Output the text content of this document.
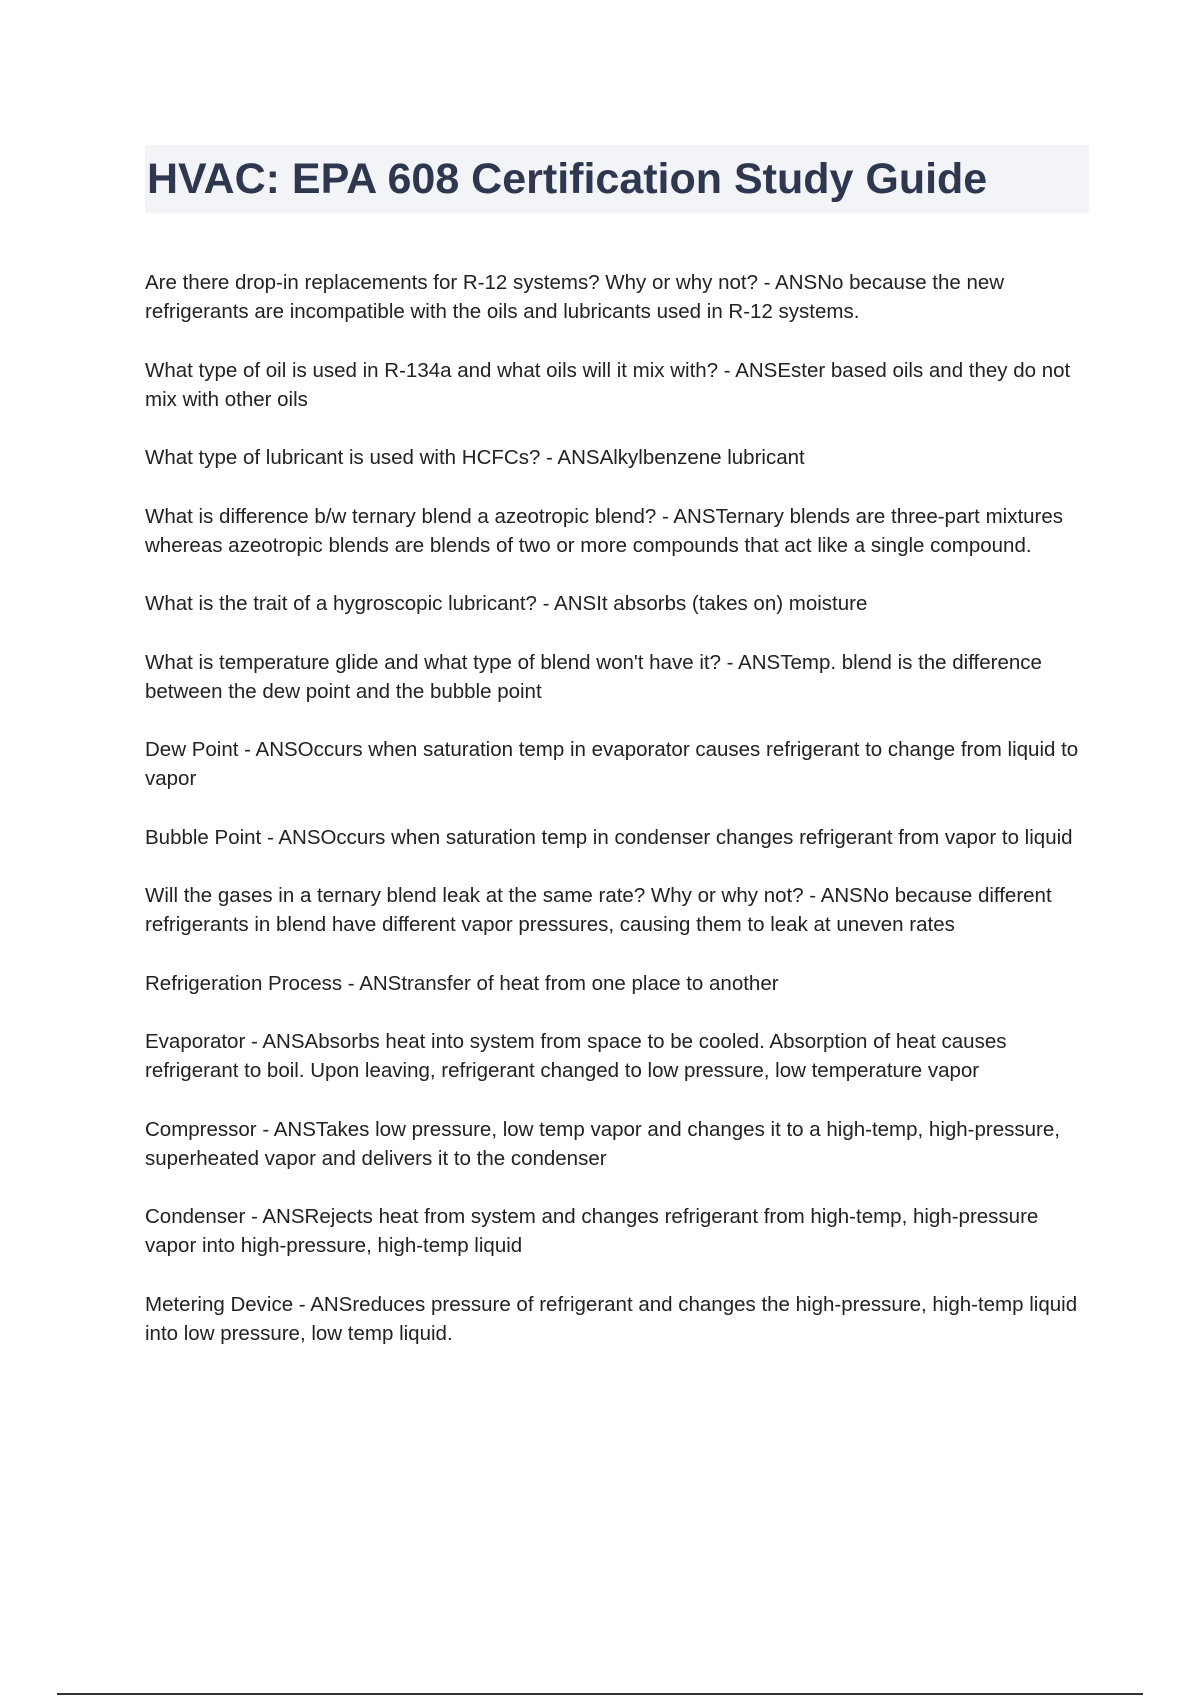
HVAC: EPA 608 Certification Study Guide

Are there drop-in replacements for R-12 systems? Why or why not? - ANSNo because the new refrigerants are incompatible with the oils and lubricants used in R-12 systems.

What type of oil is used in R-134a and what oils will it mix with? - ANSEster based oils and they do not mix with other oils

What type of lubricant is used with HCFCs? - ANSAlkylbenzene lubricant

What is difference b/w ternary blend a azeotropic blend? - ANSTernary blends are three-part mixtures whereas azeotropic blends are blends of two or more compounds that act like a single compound.

What is the trait of a hygroscopic lubricant? - ANSIt absorbs (takes on) moisture

What is temperature glide and what type of blend won't have it? - ANSTemp. blend is the difference between the dew point and the bubble point

Dew Point - ANSOccurs when saturation temp in evaporator causes refrigerant to change from liquid to vapor

Bubble Point - ANSOccurs when saturation temp in condenser changes refrigerant from vapor to liquid

Will the gases in a ternary blend leak at the same rate? Why or why not? - ANSNo because different refrigerants in blend have different vapor pressures, causing them to leak at uneven rates

Refrigeration Process - ANStransfer of heat from one place to another

Evaporator - ANSAbsorbs heat into system from space to be cooled. Absorption of heat causes refrigerant to boil. Upon leaving, refrigerant changed to low pressure, low temperature vapor

Compressor - ANSTakes low pressure, low temp vapor and changes it to a high-temp, high-pressure, superheated vapor and delivers it to the condenser

Condenser - ANSRejects heat from system and changes refrigerant from high-temp, high-pressure vapor into high-pressure, high-temp liquid

Metering Device - ANSreduces pressure of refrigerant and changes the high-pressure, high-temp liquid into low pressure, low temp liquid.
